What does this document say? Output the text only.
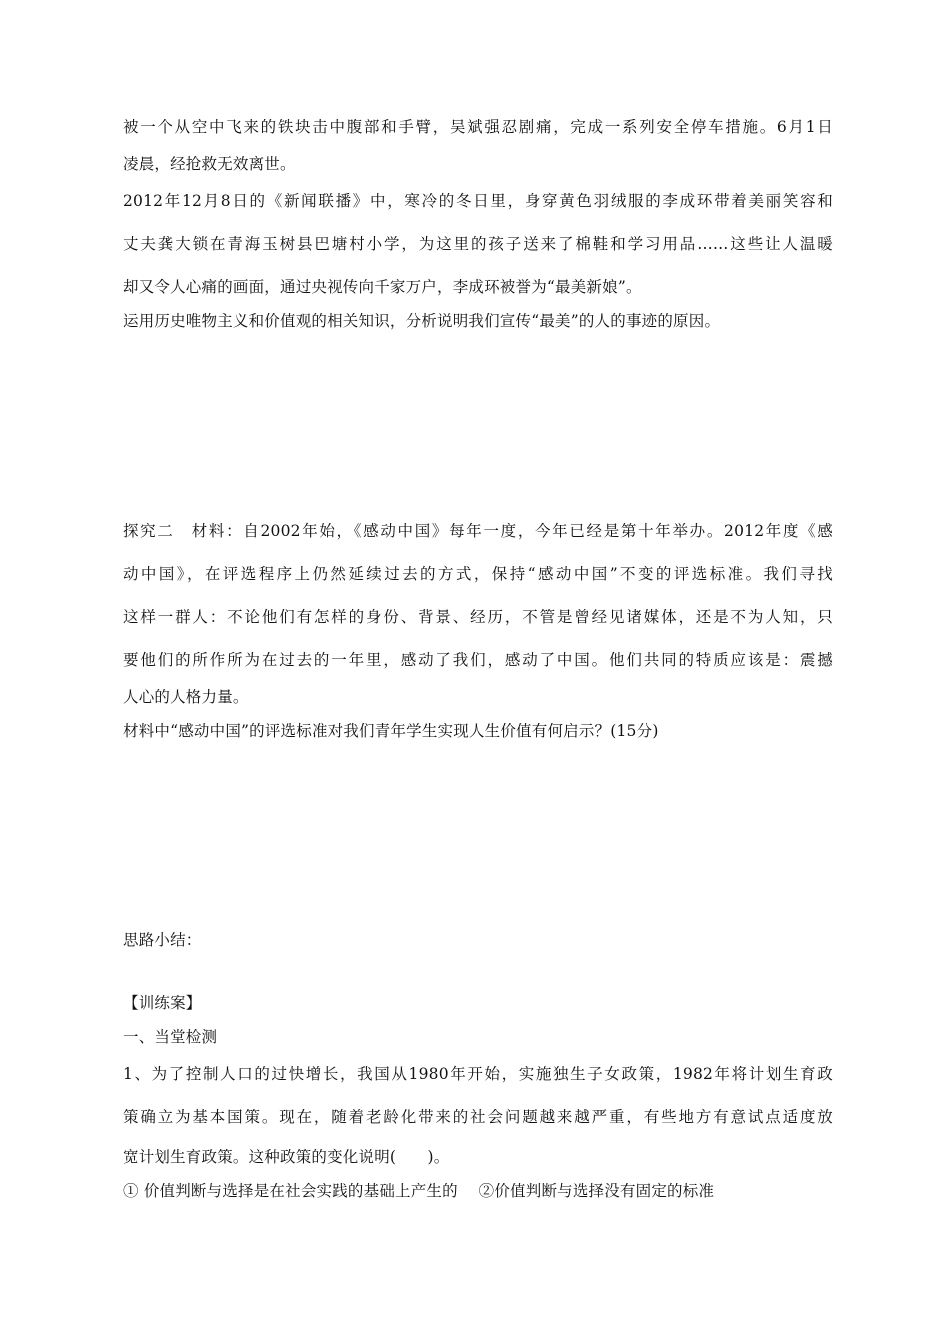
被一个从空中飞来的铁块击中腹部和手臂，吴斌强忍剧痛，完成一系列安全停车措施。6月1日
凌晨，经抢救无效离世。
2012年12月8日的《新闻联播》中，寒冷的冬日里，身穿黄色羽绒服的李成环带着美丽笑容和
丈夫龚大锁在青海玉树县巴塘村小学，为这里的孩子送来了棉鞋和学习用品……这些让人温暖
却又令人心痛的画面，通过央视传向千家万户，李成环被誉为“最美新娘”。
运用历史唯物主义和价值观的相关知识，分析说明我们宣传“最美”的人的事迹的原因。
探究二　材料：自2002年始，《感动中国》每年一度，今年已经是第十年举办。2012年度《感
动中国》，在评选程序上仍然延续过去的方式，保持“感动中国”不变的评选标准。我们寻找
这样一群人：不论他们有怎样的身份、背景、经历，不管是曾经见诸媒体，还是不为人知，只
要他们的所作所为在过去的一年里，感动了我们，感动了中国。他们共同的特质应该是：震撼
人心的人格力量。
材料中“感动中国”的评选标准对我们青年学生实现人生价值有何启示？(15分)
思路小结：
【训练案】
一、当堂检测
1、为了控制人口的过快增长，我国从1980年开始，实施独生子女政策，1982年将计划生育政
策确立为基本国策。现在，随着老龄化带来的社会问题越来越严重，有些地方有意试点适度放
宽计划生育政策。这种政策的变化说明(　　)。
① 价值判断与选择是在社会实践的基础上产生的　 ②价值判断与选择没有固定的标准
